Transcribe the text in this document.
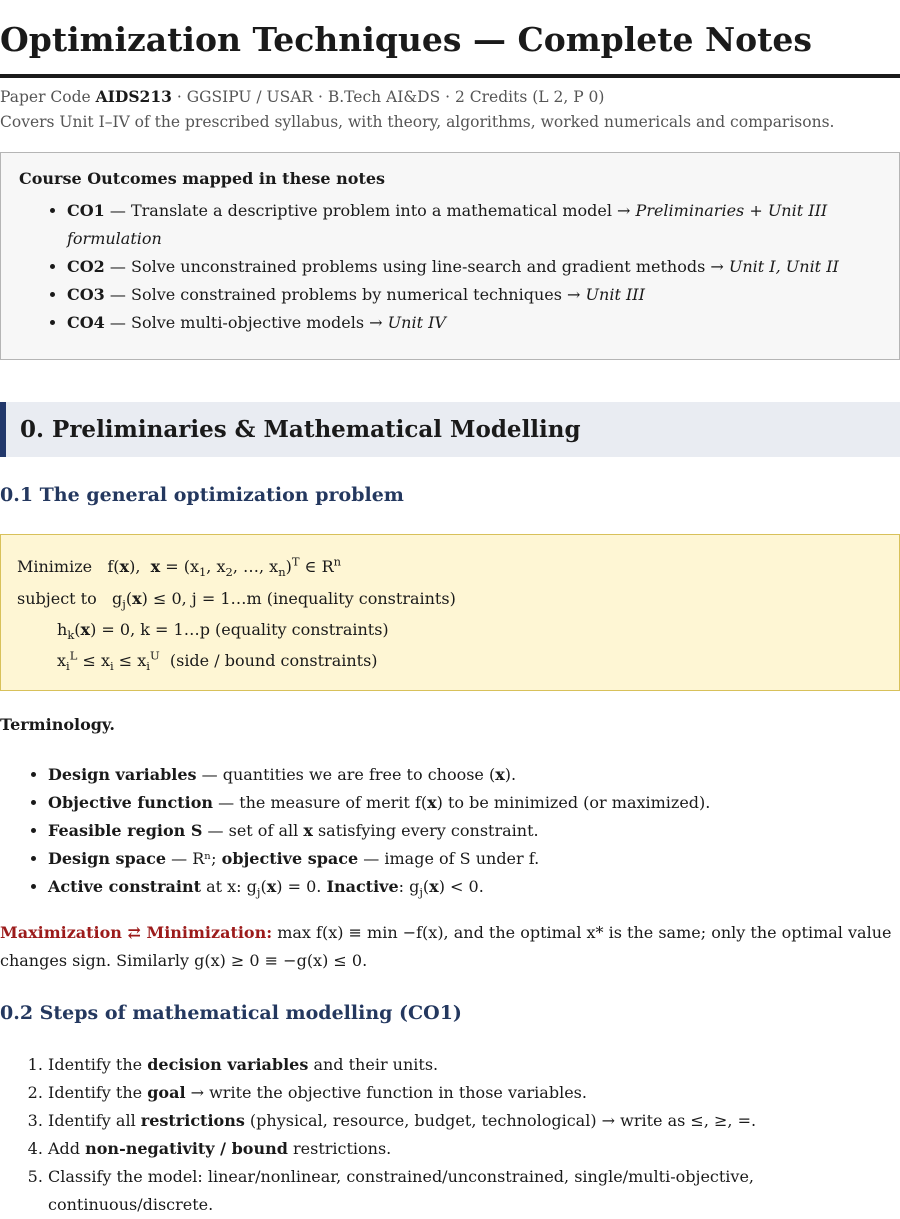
Optimization Techniques — Complete Notes
Paper Code AIDS213 · GGSIPU / USAR · B.Tech AI&DS · 2 Credits (L 2, P 0)
Covers Unit I–IV of the prescribed syllabus, with theory, algorithms, worked numericals and comparisons.
Course Outcomes mapped in these notes
• CO1 — Translate a descriptive problem into a mathematical model → Preliminaries + Unit III formulation
• CO2 — Solve unconstrained problems using line-search and gradient methods → Unit I, Unit II
• CO3 — Solve constrained problems by numerical techniques → Unit III
• CO4 — Solve multi-objective models → Unit IV
0. Preliminaries & Mathematical Modelling
0.1 The general optimization problem
Minimize   f(x),  $x = (x_1$, $x_2$, …, $x_n)^T$ ∈ $R^n$
subject to   $g_j(x) \le 0$, j = 1…m (inequality constraints)
$h_k(x) = 0$, k = 1…p (equality constraints)
$x_i^L \le x_i \le x_i^U$ (side / bound constraints)
Terminology.
• Design variables — quantities we are free to choose (x).
• Objective function — the measure of merit f(x) to be minimized (or maximized).
• Feasible region S — set of all x satisfying every constraint.
• Design space — Rⁿ; objective space — image of S under f.
• Active constraint at x: $g_j(x) = 0$. Inactive: $g_j(x) < 0$.
Maximization ⇄ Minimization: max f(x) ≡ min −f(x), and the optimal x* is the same; only the optimal value changes sign. Similarly g(x) ≥ 0 ≡ −g(x) ≤ 0.
0.2 Steps of mathematical modelling (CO1)
1. Identify the decision variables and their units.
2. Identify the goal → write the objective function in those variables.
3. Identify all restrictions (physical, resource, budget, technological) → write as ≤, ≥, =.
4. Add non-negativity / bound restrictions.
5. Classify the model: linear/nonlinear, constrained/unconstrained, single/multi-objective, continuous/discrete.
